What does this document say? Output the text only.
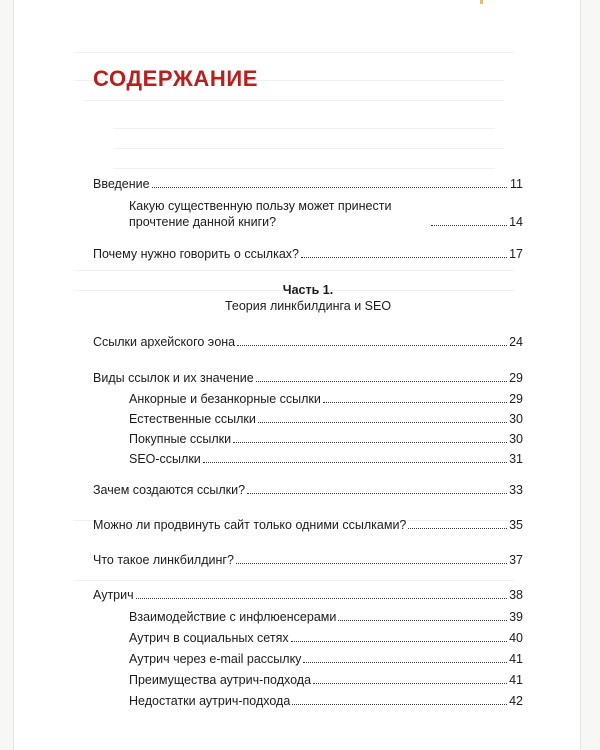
СОДЕРЖАНИЕ
Введение	11
Какую существенную пользу может принести прочтение данной книги?	14
Почему нужно говорить о ссылках?	17
Часть 1.
Теория линкбилдинга и SEO
Ссылки архейского эона	24
Виды ссылок и их значение	29
Анкорные и безанкорные ссылки	29
Естественные ссылки	30
Покупные ссылки	30
SEO-ссылки	31
Зачем создаются ссылки?	33
Можно ли продвинуть сайт только одними ссылками?	35
Что такое линкбилдинг?	37
Аутрич	38
Взаимодействие с инфлюенсерами	39
Аутрич в социальных сетях	40
Аутрич через e-mail рассылку	41
Преимущества аутрич-подхода	41
Недостатки аутрич-подхода	42
